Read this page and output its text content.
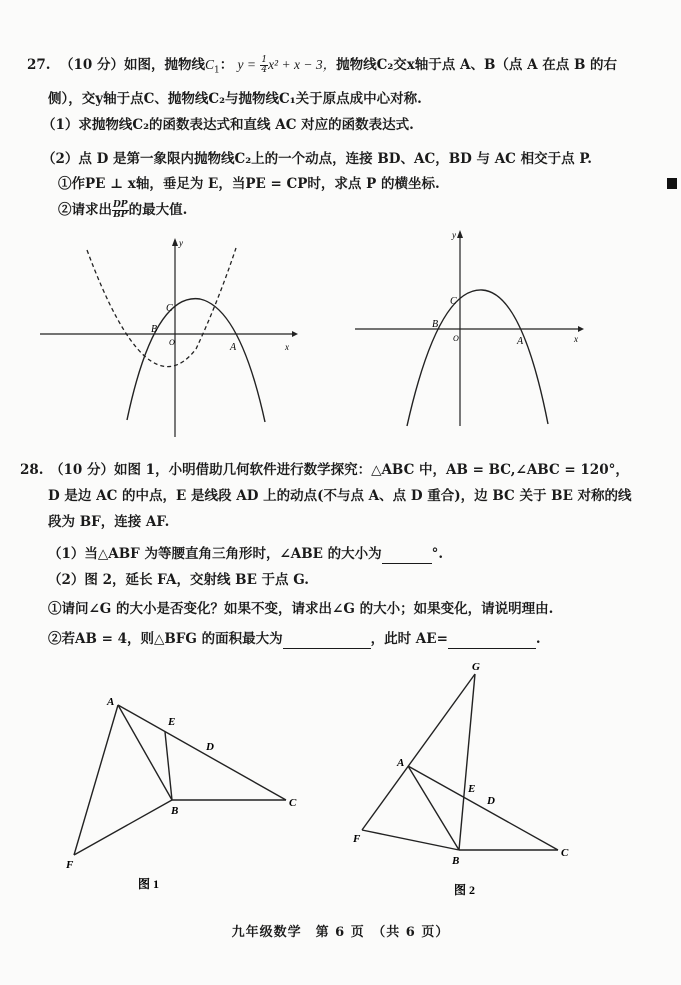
27. （10 分）如图，抛物线$C_1$： $y = \frac{1}{4} x^2 + x - 3$，抛物线C₂交x轴于点 A、B（点 A 在点 B 的右
侧），交y轴于点C、抛物线C₂与抛物线C₁关于原点成中心对称.
（1）求抛物线C₂的函数表达式和直线 AC 对应的函数表达式.
（2）点 D 是第一象限内抛物线C₂上的一个动点，连接 BD、AC，BD 与 AC 相交于点 P.
①作PE ⊥ x轴，垂足为 E，当PE = CP时，求点 P 的横坐标.
②请求出 $\frac{DP}{BP}$ 的最大值.
y
x
C
B
O	A
y
x
C
B
O	A
28. （10 分）如图 1，小明借助几何软件进行数学探究：△ABC 中，AB = BC,∠ABC = 120°，
D 是边 AC 的中点，E 是线段 AD 上的动点(不与点 A、点 D 重合)，边 BC 关于 BE 对称的线
段为 BF，连接 AF.
（1）当△ABF 为等腰直角三角形时，∠ABE 的大小为	°.
（2）图 2，延长 FA，交射线 BE 于点 G.
①请问∠G 的大小是否变化？如果不变，请求出∠G 的大小；如果变化，请说明理由.
②若AB = 4，则△BFG 的面积最大为	，此时 AE=	.
A
E
D
B
C
F
图 1
G
A
E
D
B
C
F
图 2
九年级数学　第 6 页　（共 6 页）
